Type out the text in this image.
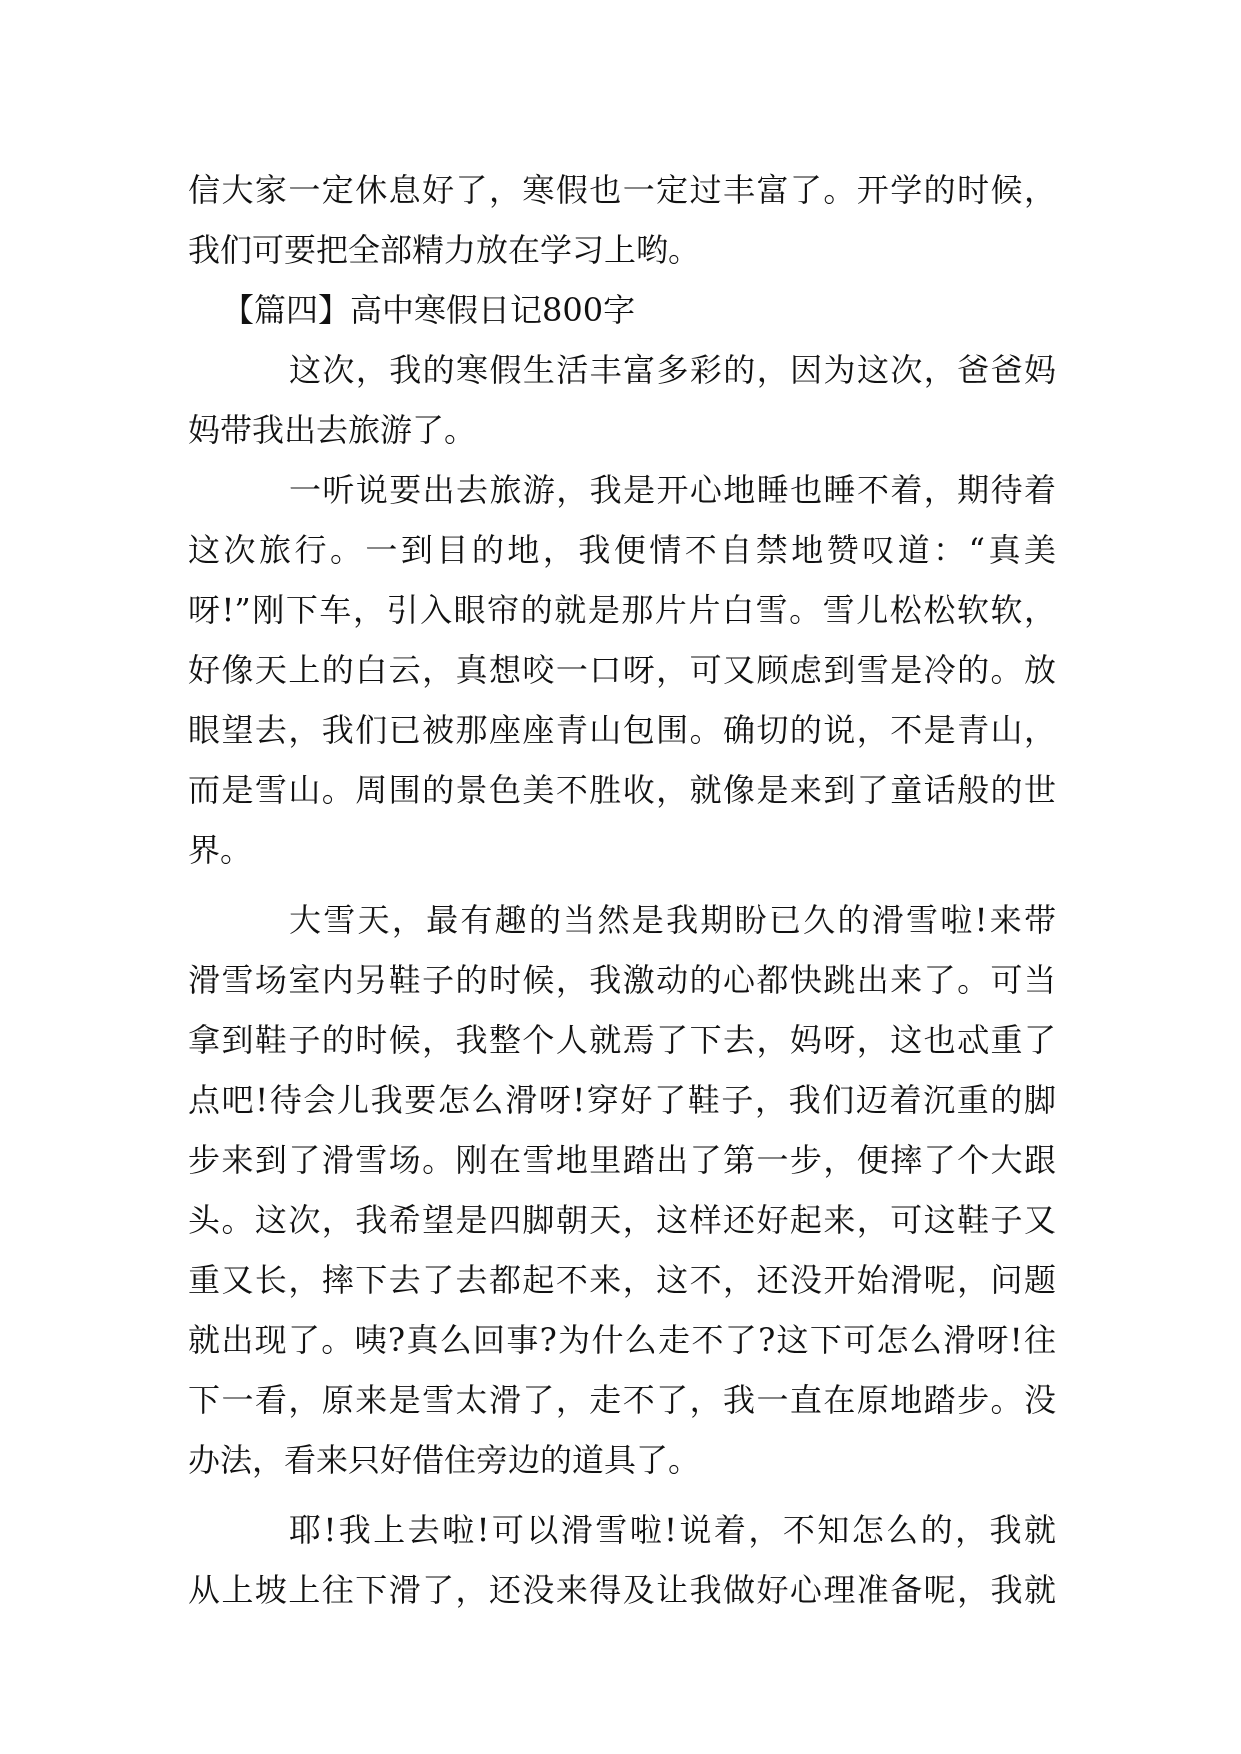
信大家一定休息好了，寒假也一定过丰富了。开学的时候，
我们可要把全部精力放在学习上哟。
【篇四】高中寒假日记800字
这次，我的寒假生活丰富多彩的，因为这次，爸爸妈
妈带我出去旅游了。
一听说要出去旅游，我是开心地睡也睡不着，期待着
这次旅行。一到目的地，我便情不自禁地赞叹道：“真美
呀!”刚下车，引入眼帘的就是那片片白雪。雪儿松松软软，
好像天上的白云，真想咬一口呀，可又顾虑到雪是冷的。放
眼望去，我们已被那座座青山包围。确切的说，不是青山，
而是雪山。周围的景色美不胜收，就像是来到了童话般的世
界。
大雪天，最有趣的当然是我期盼已久的滑雪啦!来带
滑雪场室内另鞋子的时候，我激动的心都快跳出来了。可当
拿到鞋子的时候，我整个人就焉了下去，妈呀，这也忒重了
点吧!待会儿我要怎么滑呀!穿好了鞋子，我们迈着沉重的脚
步来到了滑雪场。刚在雪地里踏出了第一步，便摔了个大跟
头。这次，我希望是四脚朝天，这样还好起来，可这鞋子又
重又长，摔下去了去都起不来，这不，还没开始滑呢，问题
就出现了。咦?真么回事?为什么走不了?这下可怎么滑呀!往
下一看，原来是雪太滑了，走不了，我一直在原地踏步。没
办法，看来只好借住旁边的道具了。
耶!我上去啦!可以滑雪啦!说着，不知怎么的，我就
从上坡上往下滑了，还没来得及让我做好心理准备呢，我就
